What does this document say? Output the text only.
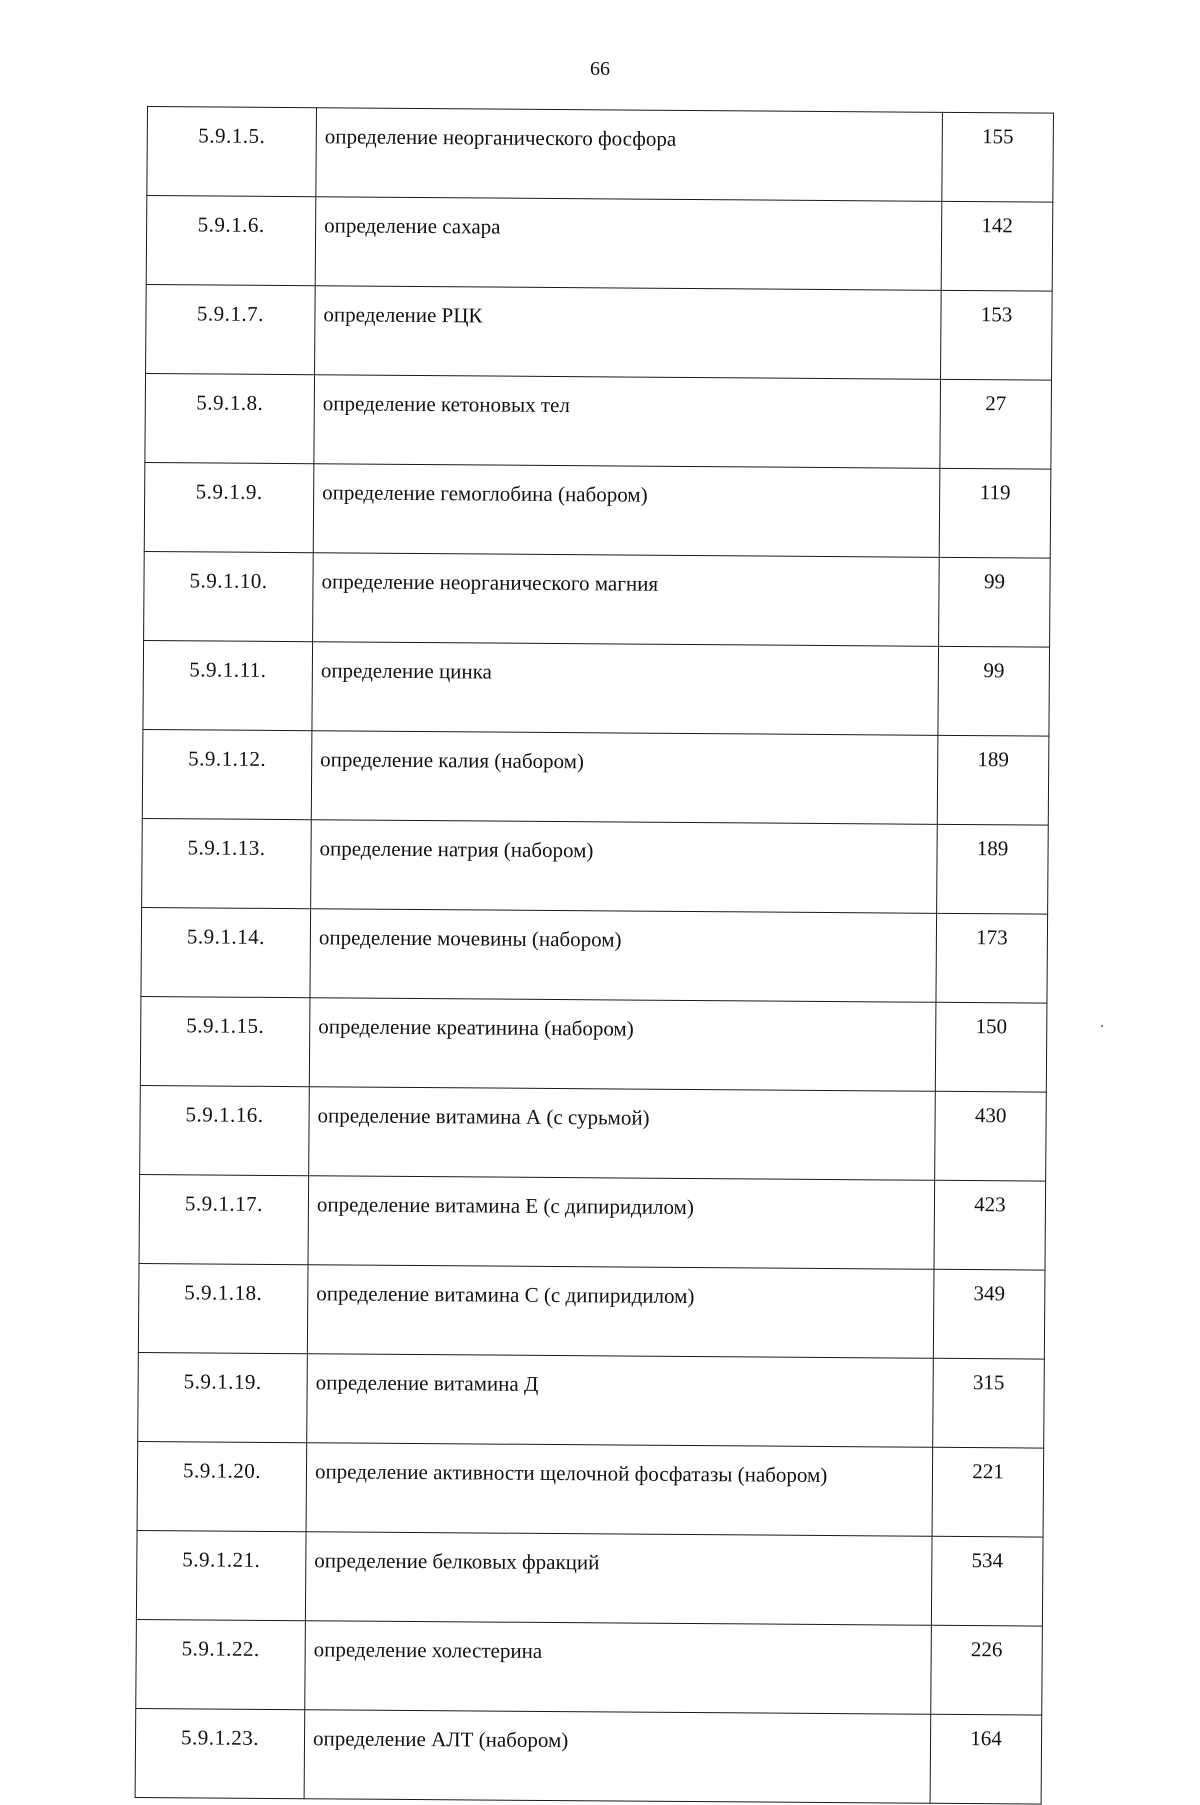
66
5.9.1.5.	определение неорганического фосфора	155
5.9.1.6.	определение сахара	142
5.9.1.7.	определение РЦК	153
5.9.1.8.	определение кетоновых тел	27
5.9.1.9.	определение гемоглобина (набором)	119
5.9.1.10.	определение неорганического магния	99
5.9.1.11.	определение цинка	99
5.9.1.12.	определение калия (набором)	189
5.9.1.13.	определение натрия (набором)	189
5.9.1.14.	определение мочевины (набором)	173
5.9.1.15.	определение креатинина (набором)	150
5.9.1.16.	определение витамина А (с сурьмой)	430
5.9.1.17.	определение витамина Е (с дипиридилом)	423
5.9.1.18.	определение витамина С (с дипиридилом)	349
5.9.1.19.	определение витамина Д	315
5.9.1.20.	определение активности щелочной фосфатазы (набором)	221
5.9.1.21.	определение белковых фракций	534
5.9.1.22.	определение холестерина	226
5.9.1.23.	определение АЛТ (набором)	164
